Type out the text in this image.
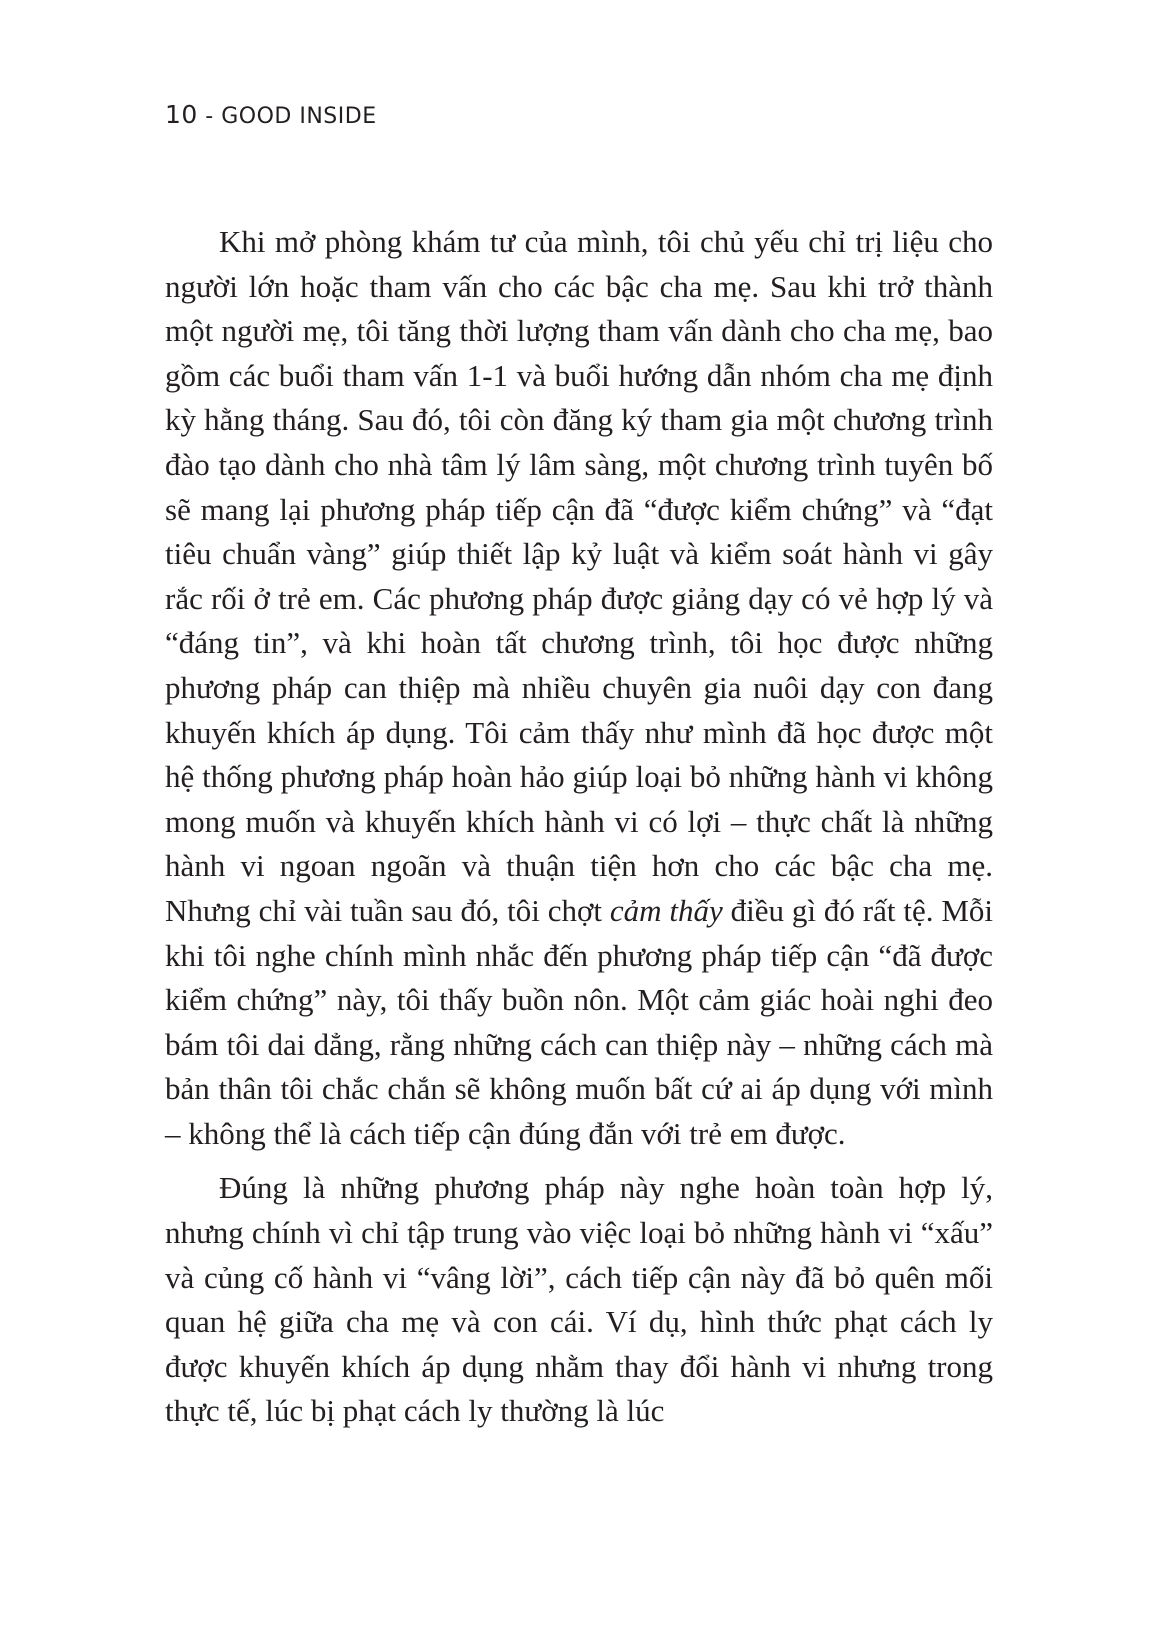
10 - GOOD INSIDE

Khi mở phòng khám tư của mình, tôi chủ yếu chỉ trị liệu cho người lớn hoặc tham vấn cho các bậc cha mẹ. Sau khi trở thành một người mẹ, tôi tăng thời lượng tham vấn dành cho cha mẹ, bao gồm các buổi tham vấn 1-1 và buổi hướng dẫn nhóm cha mẹ định kỳ hằng tháng. Sau đó, tôi còn đăng ký tham gia một chương trình đào tạo dành cho nhà tâm lý lâm sàng, một chương trình tuyên bố sẽ mang lại phương pháp tiếp cận đã “được kiểm chứng” và “đạt tiêu chuẩn vàng” giúp thiết lập kỷ luật và kiểm soát hành vi gây rắc rối ở trẻ em. Các phương pháp được giảng dạy có vẻ hợp lý và “đáng tin”, và khi hoàn tất chương trình, tôi học được những phương pháp can thiệp mà nhiều chuyên gia nuôi dạy con đang khuyến khích áp dụng. Tôi cảm thấy như mình đã học được một hệ thống phương pháp hoàn hảo giúp loại bỏ những hành vi không mong muốn và khuyến khích hành vi có lợi – thực chất là những hành vi ngoan ngoãn và thuận tiện hơn cho các bậc cha mẹ. Nhưng chỉ vài tuần sau đó, tôi chợt cảm thấy điều gì đó rất tệ. Mỗi khi tôi nghe chính mình nhắc đến phương pháp tiếp cận “đã được kiểm chứng” này, tôi thấy buồn nôn. Một cảm giác hoài nghi đeo bám tôi dai dẳng, rằng những cách can thiệp này – những cách mà bản thân tôi chắc chắn sẽ không muốn bất cứ ai áp dụng với mình – không thể là cách tiếp cận đúng đắn với trẻ em được.

Đúng là những phương pháp này nghe hoàn toàn hợp lý, nhưng chính vì chỉ tập trung vào việc loại bỏ những hành vi “xấu” và củng cố hành vi “vâng lời”, cách tiếp cận này đã bỏ quên mối quan hệ giữa cha mẹ và con cái. Ví dụ, hình thức phạt cách ly được khuyến khích áp dụng nhằm thay đổi hành vi nhưng trong thực tế, lúc bị phạt cách ly thường là lúc
